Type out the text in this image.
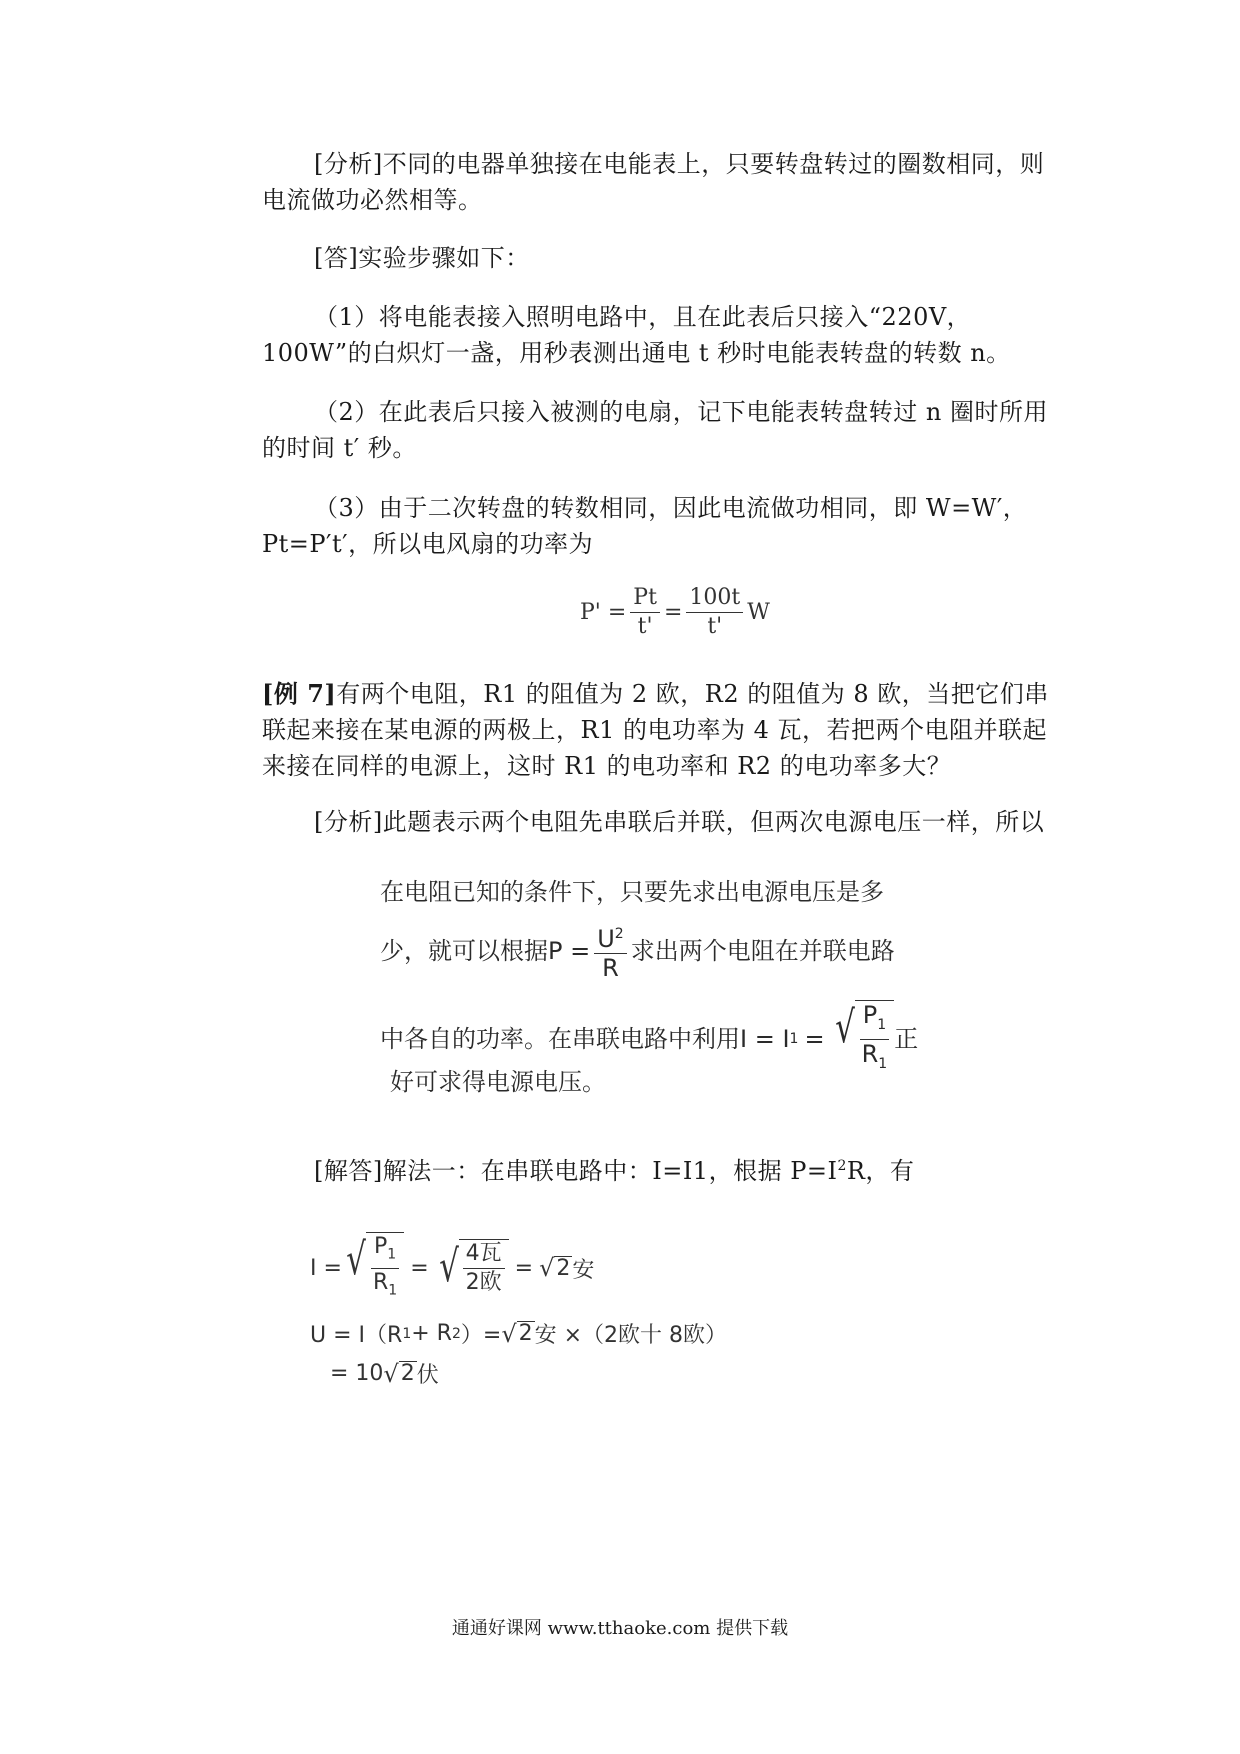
[分析]不同的电器单独接在电能表上，只要转盘转过的圈数相同，则电流做功必然相等。

[答]实验步骤如下：

（1）将电能表接入照明电路中，且在此表后只接入“220V，100W”的白炽灯一盏，用秒表测出通电 t 秒时电能表转盘的转数 n。

（2）在此表后只接入被测的电扇，记下电能表转盘转过 n 圈时所用的时间 t′ 秒。

（3）由于二次转盘的转数相同，因此电流做功相同，即 W=W′，Pt=P′t′，所以电风扇的功率为

$P' = \frac{Pt}{t'} = \frac{100t}{t'}$ W

[例 7]有两个电阻，R1 的阻值为 2 欧，R2 的阻值为 8 欧，当把它们串联起来接在某电源的两极上，R1 的电功率为 4 瓦，若把两个电阻并联起来接在同样的电源上，这时 R1 的电功率和 R2 的电功率多大？

[分析]此题表示两个电阻先串联后并联，但两次电源电压一样，所以

在电阻已知的条件下，只要先求出电源电压是多
少，就可以根据$P = \frac{U^2}{R}$ 求出两个电阻在并联电路
中各自的功率。在串联电路中利用I = I 1 = √ $\frac{P_1}{R_1}$ 正
好可求得电源电压。

[解答]解法一：在串联电路中：I=I1，根据 $P=I^2R$，有

I = √ $\frac{P_1}{R_1}$ = √ $\frac{\text{4瓦}}{\text{2欧}}$ = √ 2 安
U = I（R 1 + R 2 ）= √ 2 安 ×（2欧十 8欧）
= 10 √ 2 伏
通通好课网 www.tthaoke.com 提供下载
